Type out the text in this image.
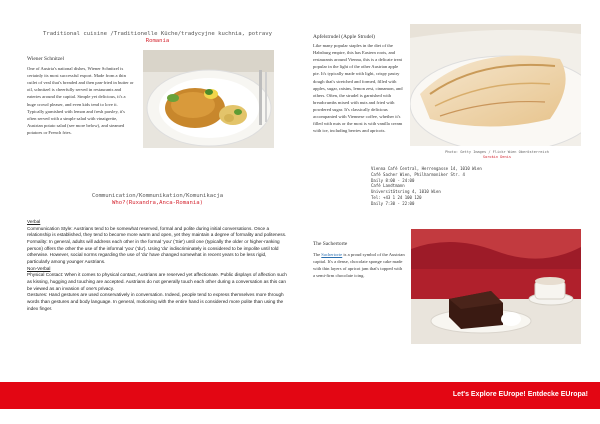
Traditional cuisine /Traditionelle Küche/tradycyjne kuchnia, potravy
Romania
Wiener Schnitzel
One of Austria's national dishes, Wiener Schnitzel is certainly its most successful export. Made from a thin cutlet of veal that's breaded and then pan-fried in butter or oil, schnitzel is cheerfully served in restaurants and eateries around the capital. Simple yet delicious, it's a huge crowd pleaser, and even kids tend to love it. Typically garnished with lemon and fresh parsley, it's often served with a simple salad with vinaigrette, Austrian potato salad (see more below), and steamed potatoes or French fries.
Apfelstrudel (Apple Strudel)
Like many popular staples in the diet of the Habsburg empire, this has Eastern roots, and restaurants around Vienna, this is a delicate treat popular in the light of the other Austrian apple pie. It's typically made with light, crispy pastry dough that's stretched and formed, filled with apples, sugar, raisins, lemon zest, cinnamon, and others. Often, the strudel is garnished with breadcrumbs mixed with nuts and fried with powdered sugar. It's classically delicious accompanied with Viennese coffee, whether it's filled with nuts or the most is with vanilla cream with ice, including berries and apricots.
Photo: Getty Images / Flickr Wien Oberösterreich
Sorokin Denis
Vienna Café Central, Herrengasse 14, 1010 Wien
Café Sacher Wien, Philharmoniker Str. 4
Daily 8:00 - 24:00
Café Landtmann
Universitätsring 4, 1010 Wien
Tel: +43 1 24 100 120
Daily 7:30 - 22:00
Communication/Kommunikation/Komunikacja
Who?(Ruxandra,Anca-Romania)

Verbal

Communication Style: Austrians tend to be somewhat reserved, formal and polite during initial conversations. Once a relationship is established, they tend to become more warm and open, yet they maintain a degree of formality and politeness.

Formality: In general, adults will address each other in the formal 'you' ('Sie') until one (typically the older or higher-ranking person) offers the other the use of the informal 'you' ('du'). Using 'du' indiscriminately is considered to be impolite until told otherwise. However, social norms regarding the use of 'du' have changed somewhat in recent years to be less rigid, particularly among younger Austrians.

Non-Verbal

Physical Contact: When it comes to physical contact, Austrians are reserved yet affectionate. Public displays of affection such as kissing, hugging and touching are accepted. Austrians do not generally touch each other during a conversation as this can be viewed as an invasion of one's privacy.

Gestures: Hand gestures are used conservatively in conversation. Indeed, people tend to express themselves more through words than gestures and body language. In general, motioning with the entire hand is considered more polite than using the index finger.

The Sachertorte
The Sachertorte is a proud symbol of the Austrian capital. It's a dense, chocolate sponge cake made with thin layers of apricot jam that's topped with a semi-firm chocolate icing.
Let's Explore EUrope! Entdecke EUropa!
